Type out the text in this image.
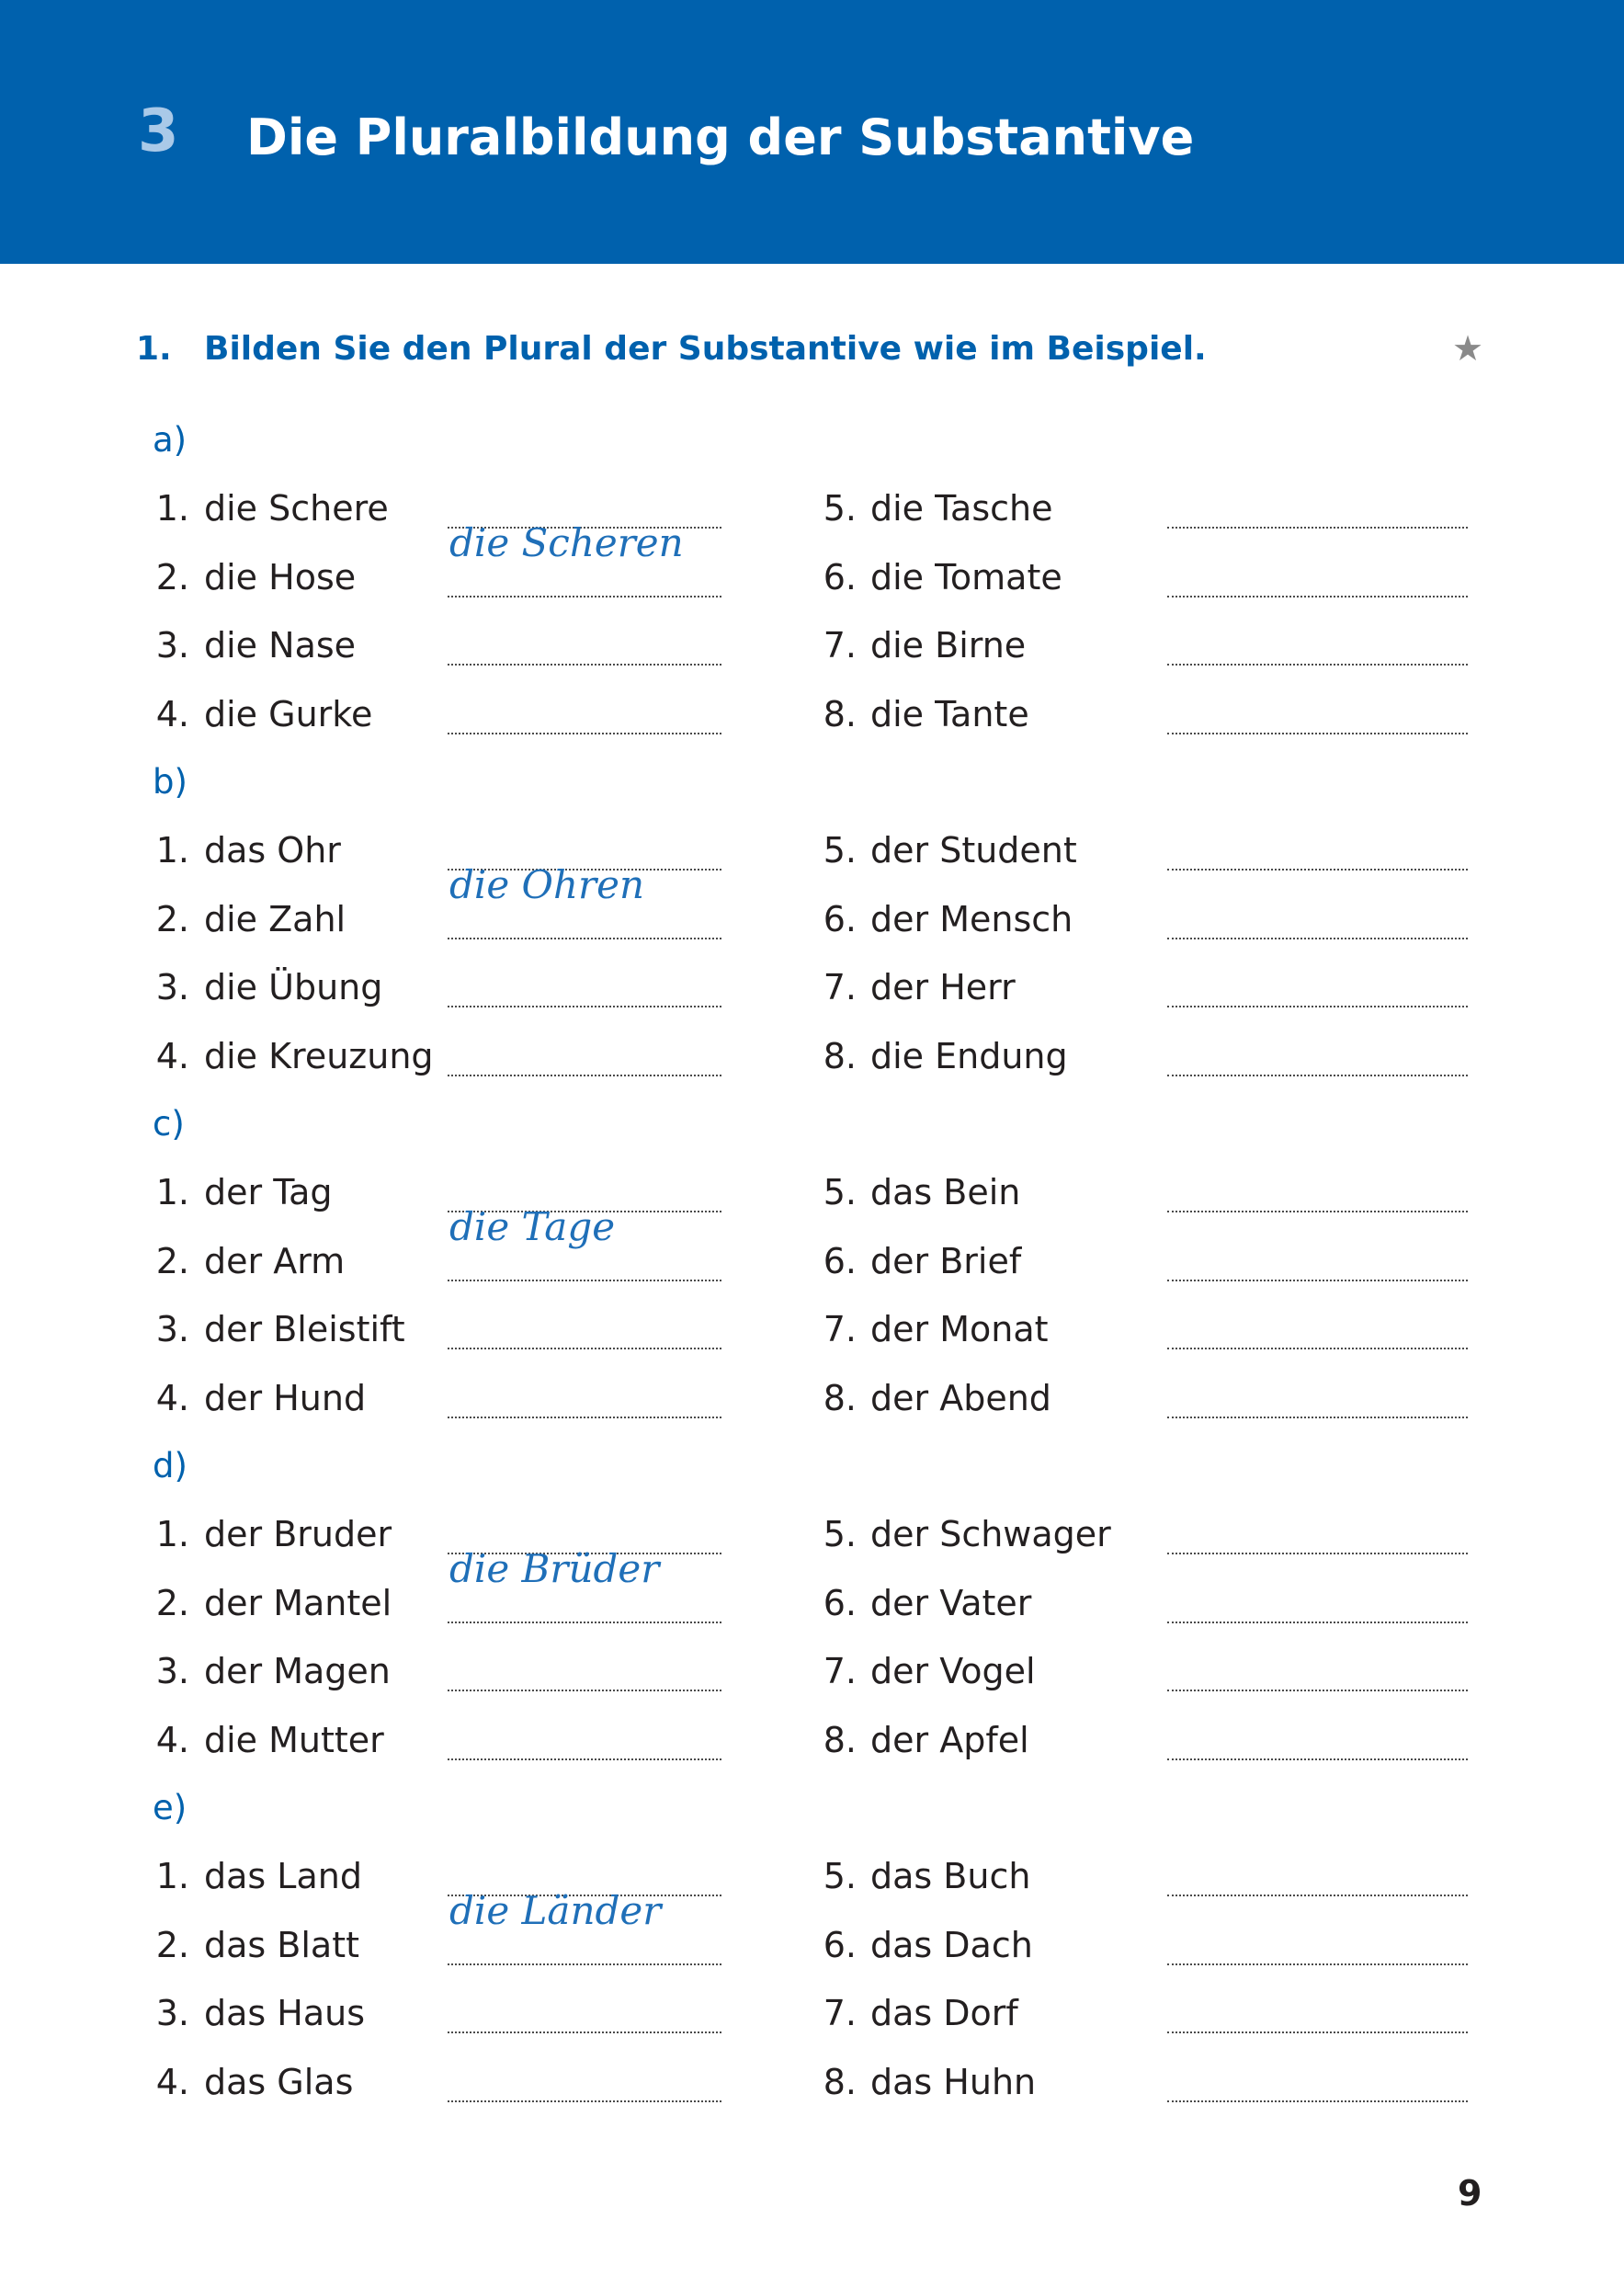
3 Die Pluralbildung der Substantive
1. Bilden Sie den Plural der Substantive wie im Beispiel.	★
a)
1. die Schere
die Scheren
2. die Hose
3. die Nase
4. die Gurke
5. die Tasche
6. die Tomate
7. die Birne
8. die Tante
b)
1. das Ohr
die Ohren
2. die Zahl
3. die Übung
4. die Kreuzung
5. der Student
6. der Mensch
7. der Herr
8. die Endung
c)
1. der Tag
die Tage
2. der Arm
3. der Bleistift
4. der Hund
5. das Bein
6. der Brief
7. der Monat
8. der Abend
d)
1. der Bruder
die Brüder
2. der Mantel
3. der Magen
4. die Mutter
5. der Schwager
6. der Vater
7. der Vogel
8. der Apfel
e)
1. das Land
die Länder
2. das Blatt
3. das Haus
4. das Glas
5. das Buch
6. das Dach
7. das Dorf
8. das Huhn
9
